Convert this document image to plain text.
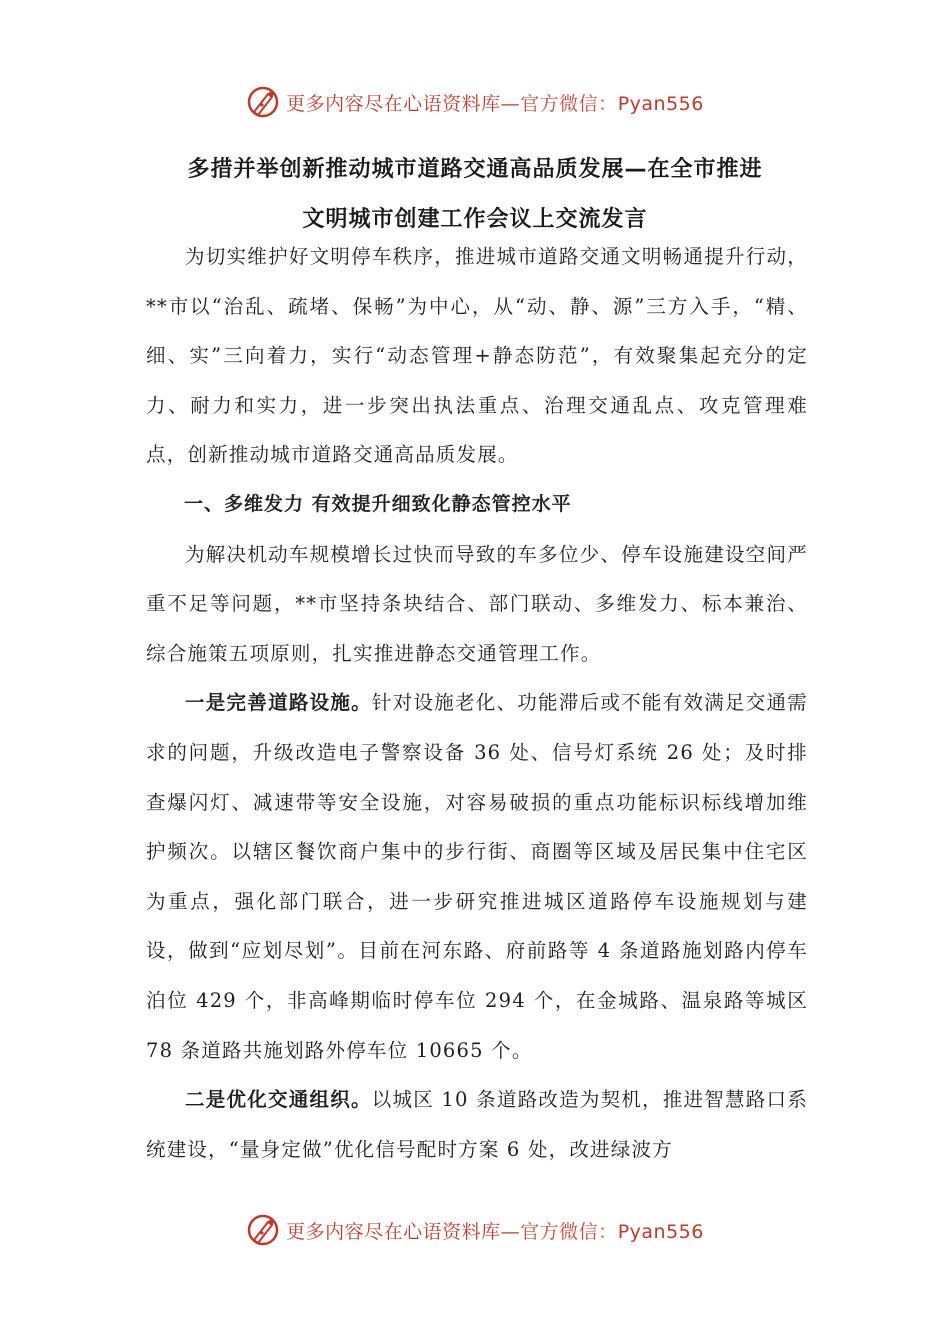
更多内容尽在心语资料库—官方微信：Pyan556
多措并举创新推动城市道路交通高品质发展—在全市推进
文明城市创建工作会议上交流发言

为切实维护好文明停车秩序，推进城市道路交通文明畅通提升行动，**市以“治乱、疏堵、保畅”为中心，从“动、静、源”三方入手，“精、细、实”三向着力，实行“动态管理+静态防范”，有效聚集起充分的定力、耐力和实力，进一步突出执法重点、治理交通乱点、攻克管理难点，创新推动城市道路交通高品质发展。

一、多维发力 有效提升细致化静态管控水平

为解决机动车规模增长过快而导致的车多位少、停车设施建设空间严重不足等问题，**市坚持条块结合、部门联动、多维发力、标本兼治、综合施策五项原则，扎实推进静态交通管理工作。

一是完善道路设施。针对设施老化、功能滞后或不能有效满足交通需求的问题，升级改造电子警察设备 36 处、信号灯系统 26 处；及时排查爆闪灯、减速带等安全设施，对容易破损的重点功能标识标线增加维护频次。以辖区餐饮商户集中的步行街、商圈等区域及居民集中住宅区为重点，强化部门联合，进一步研究推进城区道路停车设施规划与建设，做到“应划尽划”。目前在河东路、府前路等 4 条道路施划路内停车泊位 429 个，非高峰期临时停车位 294 个，在金城路、温泉路等城区 78 条道路共施划路外停车位 10665 个。

二是优化交通组织。以城区 10 条道路改造为契机，推进智慧路口系统建设，“量身定做”优化信号配时方案 6 处，改进绿波方

更多内容尽在心语资料库—官方微信：Pyan556
